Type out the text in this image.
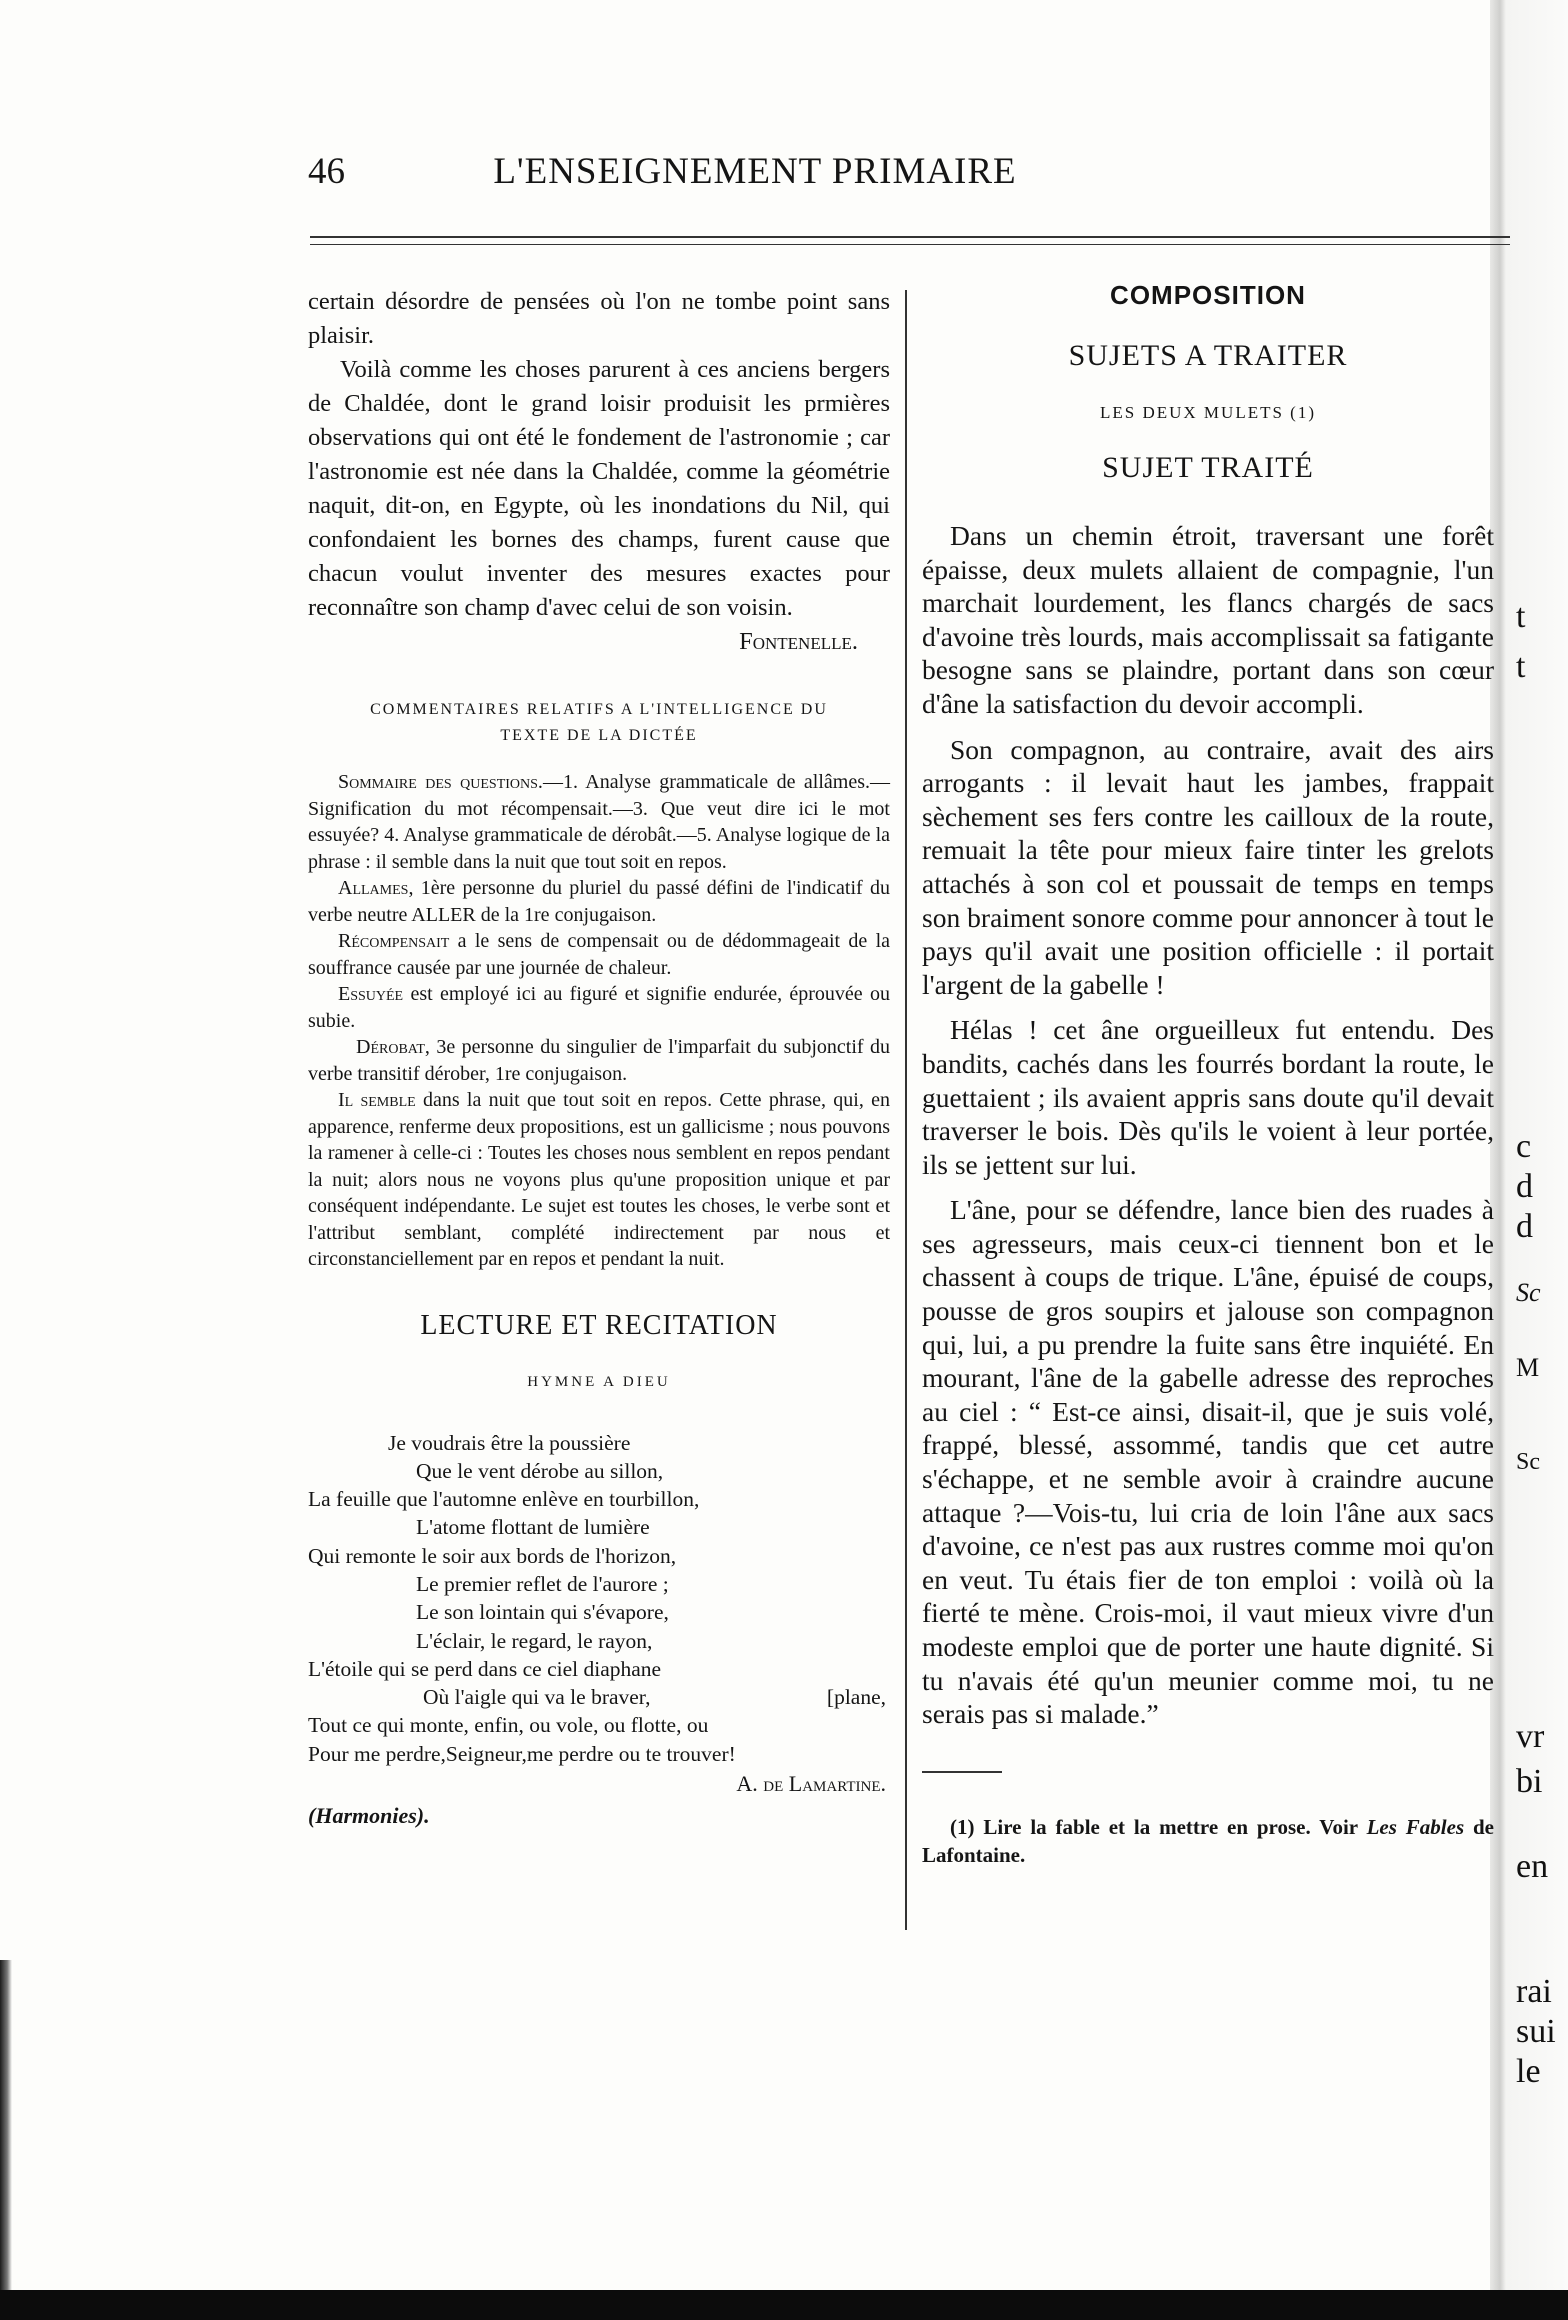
t
t
c
d
d
Sc
M
Sc
vr
bi
en
rai
sui
le
46	L'ENSEIGNEMENT PRIMAIRE

certain désordre de pensées où l'on ne tombe point sans plaisir.

Voilà comme les choses parurent à ces anciens bergers de Chaldée, dont le grand loisir produisit les prmières observations qui ont été le fondement de l'astronomie ; car l'astronomie est née dans la Chaldée, comme la géométrie naquit, dit-on, en Egypte, où les inondations du Nil, qui confondaient les bornes des champs, furent cause que chacun voulut inventer des mesures exactes pour reconnaître son champ d'avec celui de son voisin.

Fontenelle.

COMMENTAIRES RELATIFS A L'INTELLIGENCE DU
TEXTE DE LA DICTÉE

Sommaire des questions.—1. Analyse grammaticale de allâmes.—Signification du mot récompensait.—3. Que veut dire ici le mot essuyée? 4. Analyse grammaticale de dérobât.—5. Analyse logique de la phrase : il semble dans la nuit que tout soit en repos.

Allames, 1ère personne du pluriel du passé défini de l'indicatif du verbe neutre ALLER de la 1re conjugaison.

Récompensait a le sens de compensait ou de dédommageait de la souffrance causée par une journée de chaleur.

Essuyée est employé ici au figuré et signifie endurée, éprouvée ou subie.

Dérobat, 3e personne du singulier de l'imparfait du subjonctif du verbe transitif dérober, 1re conjugaison.

Il semble dans la nuit que tout soit en repos. Cette phrase, qui, en apparence, renferme deux propositions, est un gallicisme ; nous pouvons la ramener à celle-ci : Toutes les choses nous semblent en repos pendant la nuit; alors nous ne voyons plus qu'une proposition unique et par conséquent indépendante. Le sujet est toutes les choses, le verbe sont et l'attribut semblant, complété indirectement par nous et circonstanciellement par en repos et pendant la nuit.

LECTURE ET RECITATION
HYMNE A DIEU
Je voudrais être la poussière
Que le vent dérobe au sillon,
La feuille que l'automne enlève en tourbillon,
L'atome flottant de lumière
Qui remonte le soir aux bords de l'horizon,
Le premier reflet de l'aurore ;
Le son lointain qui s'évapore,
L'éclair, le regard, le rayon,
L'étoile qui se perd dans ce ciel diaphane
Où l'aigle qui va le braver,	[plane,
Tout ce qui monte, enfin, ou vole, ou flotte, ou
Pour me perdre,Seigneur,me perdre ou te trouver!
A. de Lamartine.
(Harmonies).
COMPOSITION
SUJETS A TRAITER
LES DEUX MULETS (1)
SUJET TRAITÉ

Dans un chemin étroit, traversant une forêt épaisse, deux mulets allaient de compagnie, l'un marchait lourdement, les flancs chargés de sacs d'avoine très lourds, mais accomplissait sa fatigante besogne sans se plaindre, portant dans son cœur d'âne la satisfaction du devoir accompli.

Son compagnon, au contraire, avait des airs arrogants : il levait haut les jambes, frappait sèchement ses fers contre les cailloux de la route, remuait la tête pour mieux faire tinter les grelots attachés à son col et poussait de temps en temps son braiment sonore comme pour annoncer à tout le pays qu'il avait une position officielle : il portait l'argent de la gabelle !

Hélas ! cet âne orgueilleux fut entendu. Des bandits, cachés dans les fourrés bordant la route, le guettaient ; ils avaient appris sans doute qu'il devait traverser le bois. Dès qu'ils le voient à leur portée, ils se jettent sur lui.

L'âne, pour se défendre, lance bien des ruades à ses agresseurs, mais ceux-ci tiennent bon et le chassent à coups de trique. L'âne, épuisé de coups, pousse de gros soupirs et jalouse son compagnon qui, lui, a pu prendre la fuite sans être inquiété. En mourant, l'âne de la gabelle adresse des reproches au ciel : “ Est-ce ainsi, disait-il, que je suis volé, frappé, blessé, assommé, tandis que cet autre s'échappe, et ne semble avoir à craindre aucune attaque ?—Vois-tu, lui cria de loin l'âne aux sacs d'avoine, ce n'est pas aux rustres comme moi qu'on en veut. Tu étais fier de ton emploi : voilà où la fierté te mène. Crois-moi, il vaut mieux vivre d'un modeste emploi que de porter une haute dignité. Si tu n'avais été qu'un meunier comme moi, tu ne serais pas si malade.”

(1) Lire la fable et la mettre en prose. Voir Les Fables de Lafontaine.
